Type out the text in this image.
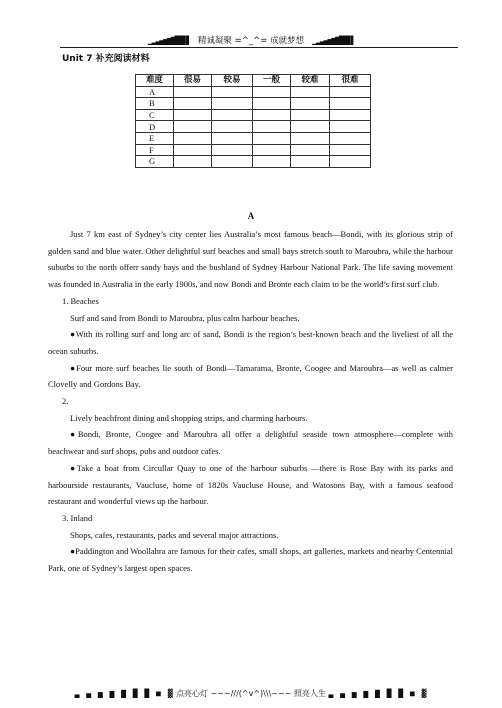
▁▂▃▄▅▆▇█▉▊▋ 精诚凝聚 =^_^= 成就梦想 ▁▂▃▄▅▆▇█▉▊▋
Unit 7 补充阅读材料
难度	很易	较易	一般	较难	很难
A					
B					
C					
D					
E					
F					
G					
A

Just 7 km east of Sydney’s city center lies Australia’s most famous beach—Bondi, with its glorious strip of golden sand and blue water. Other delightful surf beaches and small bays stretch south to Maroubra, while the harbour suburbs to the north offerr sandy bays and the bushland of Sydney Harbour National Park. The life saving movement was founded in Australia in the early 1900s, and now Bondi and Bronte each claim to be the world’s first surf club.

1. Beaches

Surf and sand from Bondi to Maroubra, plus calm harbour beaches.

●With its rolling surf and long arc of sand, Bondi is the region’s best-known beach and the liveliest of all the ocean suburbs.

●Four more surf beaches lie south of Bondi—Tamarama, Bronte, Coogee and Maroubra—as well as calmer Clovelly and Gordons Bay.

2.

Lively beachfront dining and shopping strips, and charming harbours.

●Bondi, Bronte, Coogee and Maroubra all offer a delightful seaside town atmosphere—complete with beachwear and surf shops, pubs and outdoor cafes.

●Take a boat from Circullar Quay to one of the harbour suburbs —there is Rose Bay with its parks and harbourside restaurants, Vaucluse, home of 1820s Vaucluse House, and Watosons Bay, with a famous seafood restaurant and wonderful views up the harbour.

3. Inland

Shops, cafes, restaurants, parks and several major attractions.

●Paddington and Woollahra are famous for their cafes, small shops, art galleries, markets and nearby Centennial Park, one of Sydney’s largest open spaces.

▃ ▄ ▅ ▆ ▇ █ █ ■ ▓ 点亮心灯 ~~~///(^v^)\\\~~~ 照亮人生 ▃ ▄ ▅ ▆ ▇ █ █ ■ ▓
